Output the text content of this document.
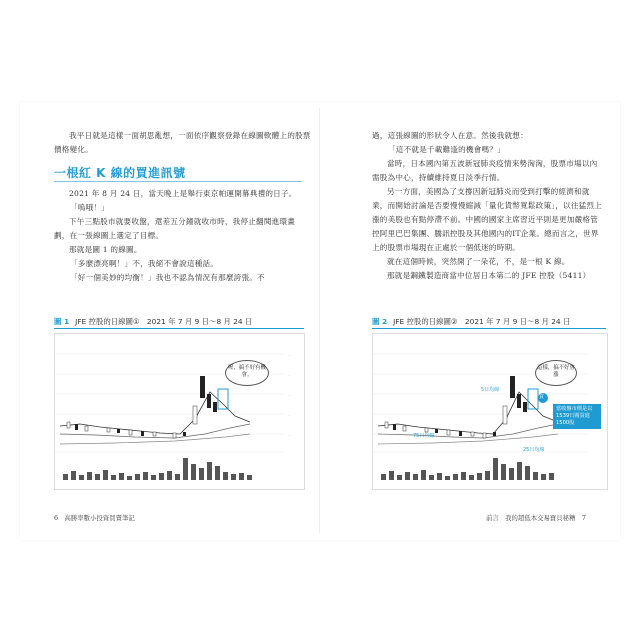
我平日就是這樣一面胡思亂想，一面依序觀察登錄在線圖軟體上的股票價格變化。

一根紅 K 線的買進訊號

2021 年 8 月 24 日，當天晚上是舉行東京帕運開幕典禮的日子。

「嗚哦！」

下午三點股市就要收盤，還差五分鐘就收市時，我停止翻閱進環畫劃，在一張線圖上選定了目標。

那就是圖 1 的線圖。

「多麼漂亮啊！」不，我絕不會說這種話。

「好一個美妙的均衡！」我也不認為情況有那麼誇張。不

圖 1 JFE 控股的日線圖①　2021 年 7 月 9 日～8 月 24 日
—
—
—
—
—
喔，搞不好有機會。
6　高勝率數小投資買賣筆記

過，這張線圖的形狀令人在意。然後我就想：

「這不就是千載難逢的機會嗎？」

當時，日本國內第五波新冠肺炎疫情來勢洶洶，股票市場以內需股為中心，持續維持夏日淡季行情。

另一方面，美國為了支撐因新冠肺炎而受到打擊的經濟和就業，而開始討論是否要慢慢縮減「量化貨幣寬鬆政策」，以往猛烈上漲的美股也有點停滯不前。中國的國家主席習近平則是更加嚴格管控阿里巴巴集團、騰訊控股及其他國內的IT企業。總而言之，世界上的股票市場現在正處於一個低迷的時期。

就在這個時候，突然開了一朵花，不，是一根 K 線。

那就是鋼鐵製造商當中位居日本第二的 JFE 控股（5411）

圖 2 JFE 控股的日線圖②　2021 年 7 月 9 日～8 月 24 日
5日均線
75日均線
25日均線
這樣，搞不好會漲
買
當收盤市價是以1539日圓買進1500股
前言　我的超低本交易寶貝秘糟　7
